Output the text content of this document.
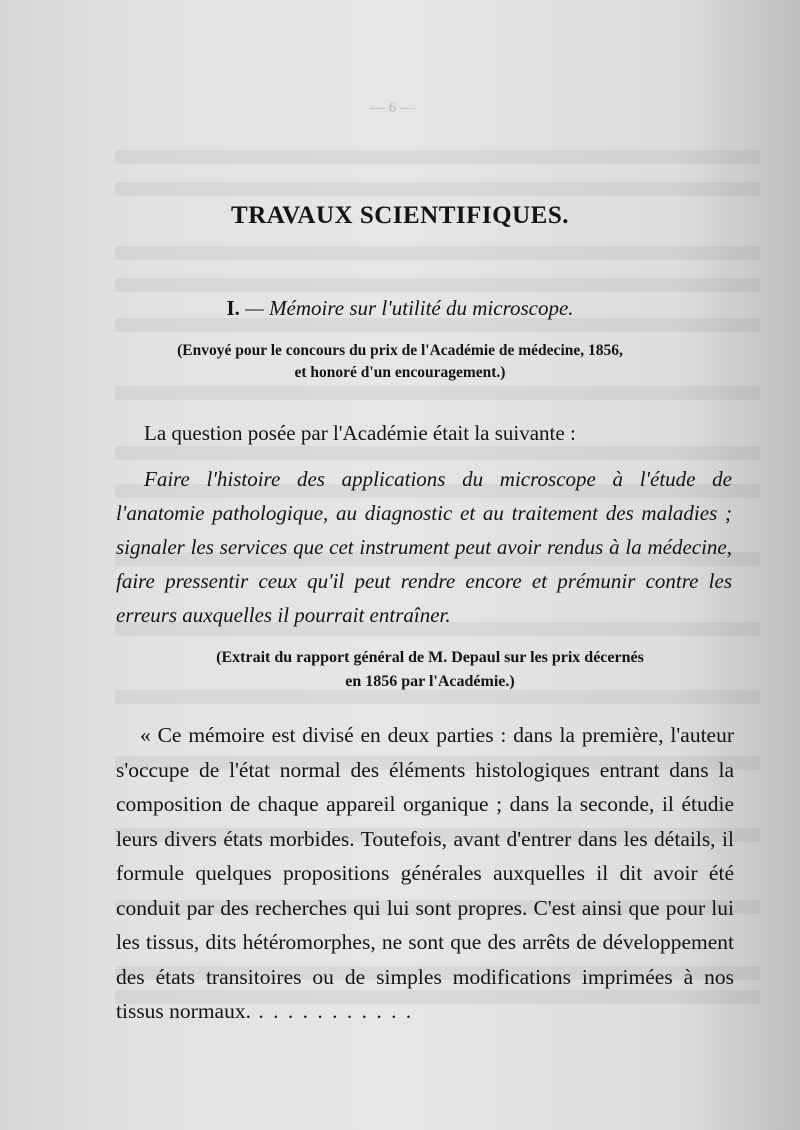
— 6 —
TRAVAUX SCIENTIFIQUES.
I. — Mémoire sur l'utilité du microscope.
(Envoyé pour le concours du prix de l'Académie de médecine, 1856,
et honoré d'un encouragement.)
La question posée par l'Académie était la suivante :
Faire l'histoire des applications du microscope à l'étude de l'anatomie pathologique, au diagnostic et au traitement des maladies ; signaler les services que cet instrument peut avoir rendus à la médecine, faire pressentir ceux qu'il peut rendre encore et prémunir contre les erreurs auxquelles il pourrait entraîner.
(Extrait du rapport général de M. Depaul sur les prix décernés
en 1856 par l'Académie.)
« Ce mémoire est divisé en deux parties : dans la première, l'auteur s'occupe de l'état normal des éléments histologiques entrant dans la composition de chaque appareil organique ; dans la seconde, il étudie leurs divers états morbides. Toutefois, avant d'entrer dans les détails, il formule quelques propositions générales auxquelles il dit avoir été conduit par des recherches qui lui sont propres. C'est ainsi que pour lui les tissus, dits hétéromorphes, ne sont que des arrêts de développement des états transitoires ou de simples modifications imprimées à nos tissus normaux. . . . . . . . . . . .
